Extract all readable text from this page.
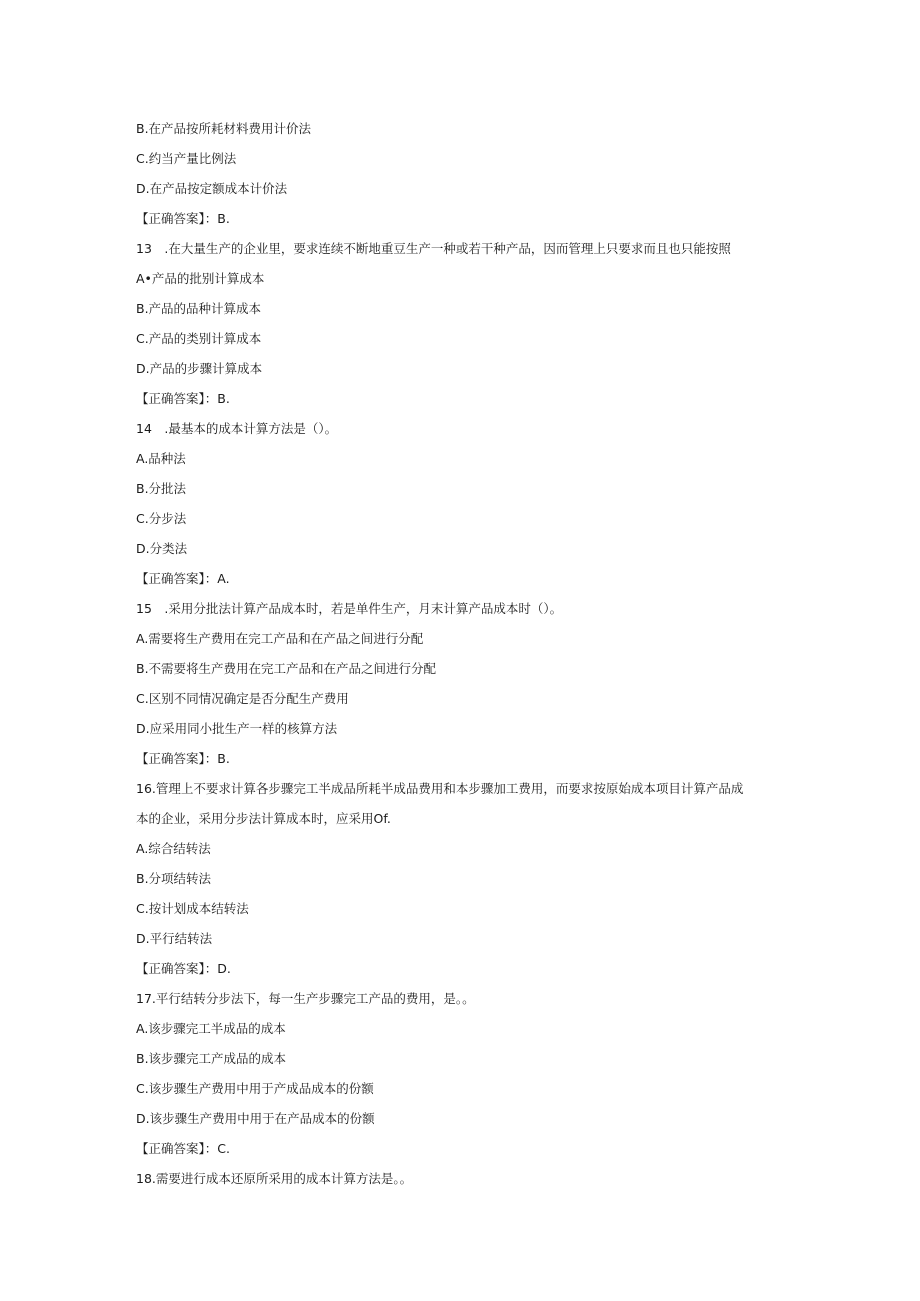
B.在产品按所耗材料费用计价法
C.约当产量比例法
D.在产品按定额成本计价法
【正确答案】：B.
13　.在大量生产的企业里，要求连续不断地重豆生产一种或若干种产品，因而管理上只要求而且也只能按照
A•产品的批别计算成本
B.产品的品种计算成本
C.产品的类别计算成本
D.产品的步骤计算成本
【正确答案】：B.
14　.最基本的成本计算方法是（）。
A.品种法
B.分批法
C.分步法
D.分类法
【正确答案】：A.
15　.采用分批法计算产品成本时，若是单件生产，月末计算产品成本时（）。
A.需要将生产费用在完工产品和在产品之间进行分配
B.不需要将生产费用在完工产品和在产品之间进行分配
C.区别不同情况确定是否分配生产费用
D.应采用同小批生产一样的核算方法
【正确答案】：B.
16.管理上不要求计算各步骤完工半成品所耗半成品费用和本步骤加工费用，而要求按原始成本项目计算产品成
本的企业，采用分步法计算成本时，应采用Of.
A.综合结转法
B.分项结转法
C.按计划成本结转法
D.平行结转法
【正确答案】：D.
17.平行结转分步法下，每一生产步骤完工产品的费用，是。。
A.该步骤完工半成品的成本
B.该步骤完工产成品的成本
C.该步骤生产费用中用于产成品成本的份额
D.该步骤生产费用中用于在产品成本的份额
【正确答案】：C.
18.需要进行成本还原所采用的成本计算方法是。。
